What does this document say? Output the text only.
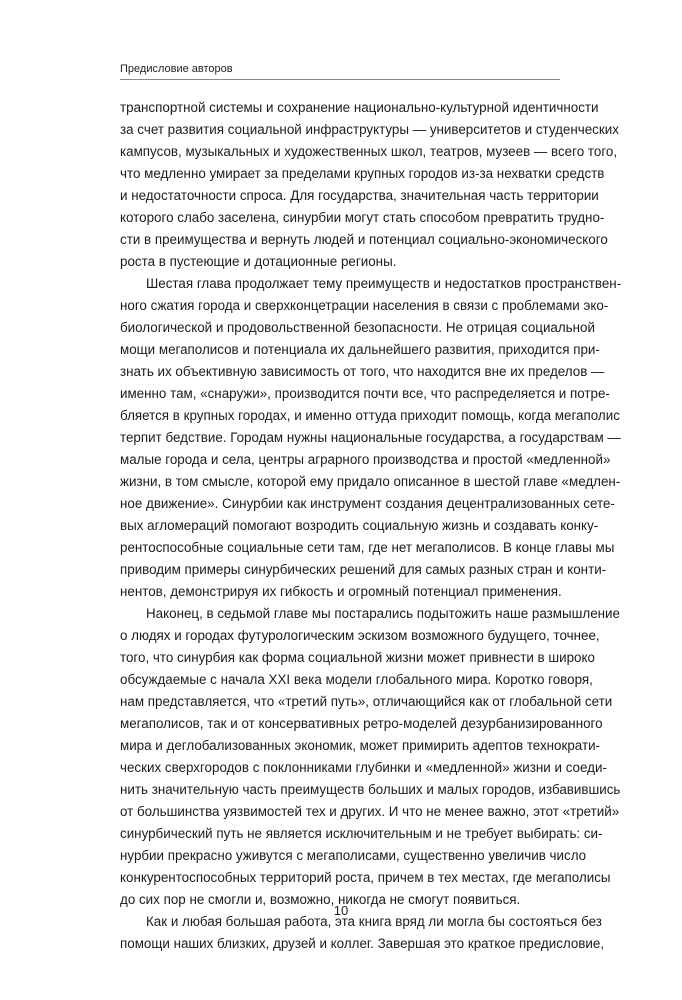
Предисловие авторов
транспортной системы и сохранение национально-культурной идентичности
за счет развития социальной инфраструктуры — университетов и студенческих
кампусов, музыкальных и художественных школ, театров, музеев — всего того,
что медленно умирает за пределами крупных городов из-за нехватки средств
и недостаточности спроса. Для государства, значительная часть территории
которого слабо заселена, синурбии могут стать способом превратить трудно-
сти в преимущества и вернуть людей и потенциал социально-экономического
роста в пустеющие и дотационные регионы.
Шестая глава продолжает тему преимуществ и недостатков пространствен-
ного сжатия города и сверхконцетрации населения в связи с проблемами эко-
биологической и продовольственной безопасности. Не отрицая социальной
мощи мегаполисов и потенциала их дальнейшего развития, приходится при-
знать их объективную зависимость от того, что находится вне их пределов —
именно там, «снаружи», производится почти все, что распределяется и потре-
бляется в крупных городах, и именно оттуда приходит помощь, когда мегаполис
терпит бедствие. Городам нужны национальные государства, а государствам —
малые города и села, центры аграрного производства и простой «медленной»
жизни, в том смысле, которой ему придало описанное в шестой главе «медлен-
ное движение». Синурбии как инструмент создания децентрализованных сете-
вых агломераций помогают возродить социальную жизнь и создавать конку-
рентоспособные социальные сети там, где нет мегаполисов. В конце главы мы
приводим примеры синурбических решений для самых разных стран и конти-
нентов, демонстрируя их гибкость и огромный потенциал применения.
Наконец, в седьмой главе мы постарались подытожить наше размышление
о людях и городах футурологическим эскизом возможного будущего, точнее,
того, что синурбия как форма социальной жизни может привнести в широко
обсуждаемые с начала XXI века модели глобального мира. Коротко говоря,
нам представляется, что «третий путь», отличающийся как от глобальной сети
мегаполисов, так и от консервативных ретро-моделей дезурбанизированного
мира и деглобализованных экономик, может примирить адептов технократи-
ческих сверхгородов с поклонниками глубинки и «медленной» жизни и соеди-
нить значительную часть преимуществ больших и малых городов, избавившись
от большинства уязвимостей тех и других. И что не менее важно, этот «третий»
синурбический путь не является исключительным и не требует выбирать: си-
нурбии прекрасно уживутся с мегаполисами, существенно увеличив число
конкурентоспособных территорий роста, причем в тех местах, где мегаполисы
до сих пор не смогли и, возможно, никогда не смогут появиться.
Как и любая большая работа, эта книга вряд ли могла бы состояться без
помощи наших близких, друзей и коллег. Завершая это краткое предисловие,
10
